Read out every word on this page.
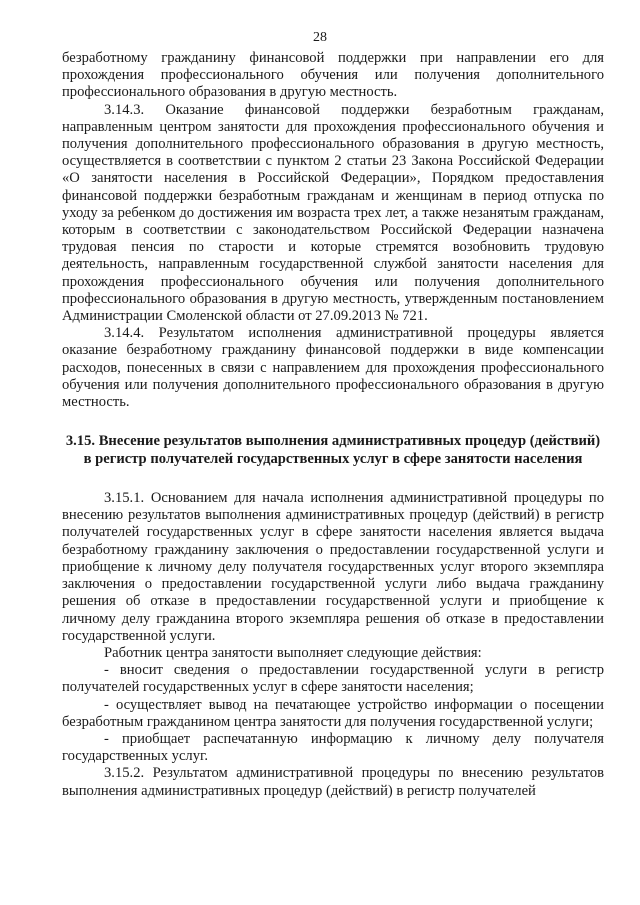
28

безработному гражданину финансовой поддержки при направлении его для прохождения профессионального обучения или получения дополнительного профессионального образования в другую местность.

3.14.3. Оказание финансовой поддержки безработным гражданам, направленным центром занятости для прохождения профессионального обучения и получения дополнительного профессионального образования в другую местность, осуществляется в соответствии с пунктом 2 статьи 23 Закона Российской Федерации «О занятости населения в Российской Федерации», Порядком предоставления финансовой поддержки безработным гражданам и женщинам в период отпуска по уходу за ребенком до достижения им возраста трех лет, а также незанятым гражданам, которым в соответствии с законодательством Российской Федерации назначена трудовая пенсия по старости и которые стремятся возобновить трудовую деятельность, направленным государственной службой занятости населения для прохождения профессионального обучения или получения дополнительного профессионального образования в другую местность, утвержденным постановлением Администрации Смоленской области от 27.09.2013 № 721.

3.14.4. Результатом исполнения административной процедуры является оказание безработному гражданину финансовой поддержки в виде компенсации расходов, понесенных в связи с направлением для прохождения профессионального обучения или получения дополнительного профессионального образования в другую местность.

3.15. Внесение результатов выполнения административных процедур (действий) в регистр получателей государственных услуг в сфере занятости населения

3.15.1. Основанием для начала исполнения административной процедуры по внесению результатов выполнения административных процедур (действий) в регистр получателей государственных услуг в сфере занятости населения является выдача безработному гражданину заключения о предоставлении государственной услуги и приобщение к личному делу получателя государственных услуг второго экземпляра заключения о предоставлении государственной услуги либо выдача гражданину решения об отказе в предоставлении государственной услуги и приобщение к личному делу гражданина второго экземпляра решения об отказе в предоставлении государственной услуги.

Работник центра занятости выполняет следующие действия:

- вносит сведения о предоставлении государственной услуги в регистр получателей государственных услуг в сфере занятости населения;

- осуществляет вывод на печатающее устройство информации о посещении безработным гражданином центра занятости для получения государственной услуги;

- приобщает распечатанную информацию к личному делу получателя государственных услуг.

3.15.2. Результатом административной процедуры по внесению результатов выполнения административных процедур (действий) в регистр получателей
